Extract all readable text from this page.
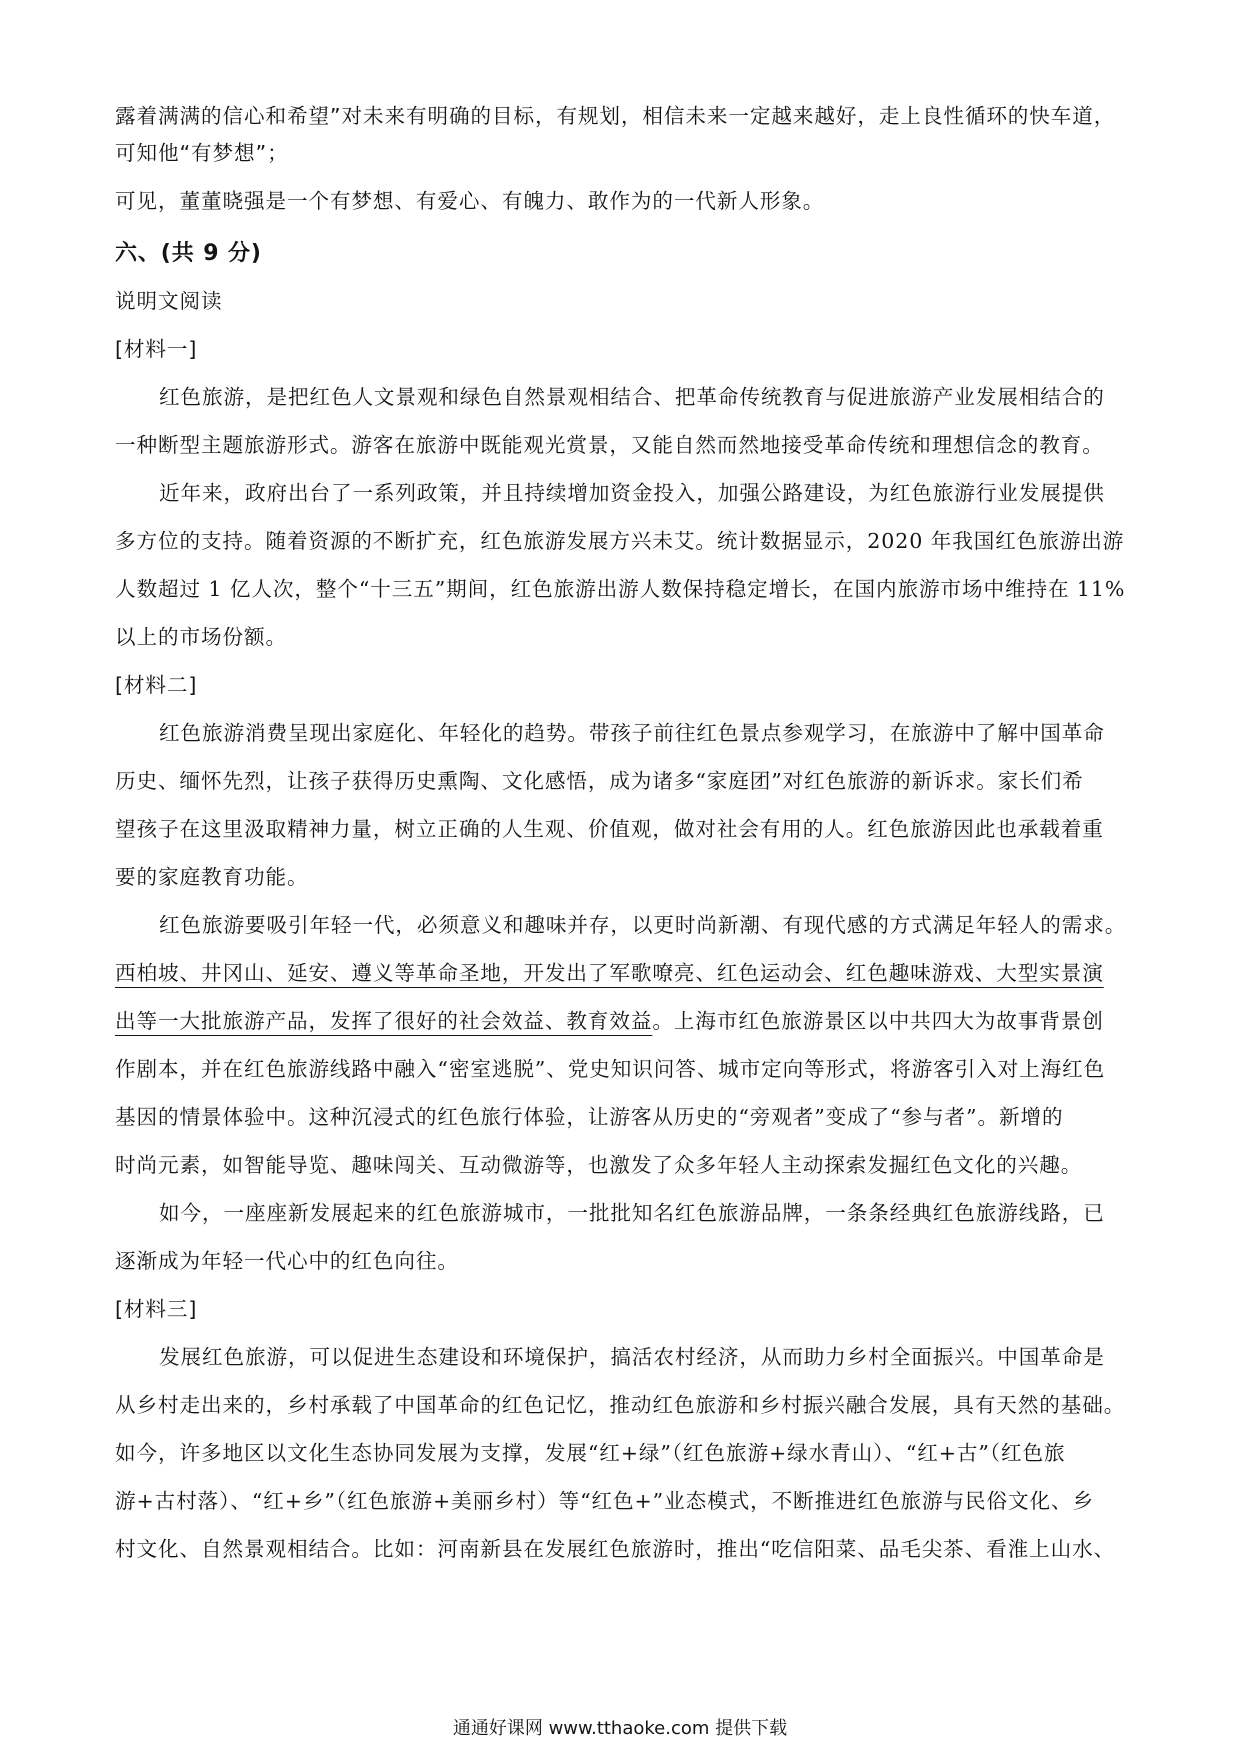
露着满满的信心和希望”对未来有明确的目标，有规划，相信未来一定越来越好，走上良性循环的快车道，

可知他“有梦想”；

可见，董董晓强是一个有梦想、有爱心、有魄力、敢作为的一代新人形象。

六、(共 9 分)

说明文阅读

[材料一]

红色旅游，是把红色人文景观和绿色自然景观相结合、把革命传统教育与促进旅游产业发展相结合的

一种断型主题旅游形式。游客在旅游中既能观光赏景，又能自然而然地接受革命传统和理想信念的教育。

近年来，政府出台了一系列政策，并且持续增加资金投入，加强公路建设，为红色旅游行业发展提供

多方位的支持。随着资源的不断扩充，红色旅游发展方兴未艾。统计数据显示，2020 年我国红色旅游出游

人数超过 1 亿人次，整个“十三五”期间，红色旅游出游人数保持稳定增长，在国内旅游市场中维持在 11%

以上的市场份额。

[材料二]

红色旅游消费呈现出家庭化、年轻化的趋势。带孩子前往红色景点参观学习，在旅游中了解中国革命

历史、缅怀先烈，让孩子获得历史熏陶、文化感悟，成为诸多“家庭团”对红色旅游的新诉求。家长们希

望孩子在这里汲取精神力量，树立正确的人生观、价值观，做对社会有用的人。红色旅游因此也承载着重

要的家庭教育功能。

红色旅游要吸引年轻一代，必须意义和趣味并存，以更时尚新潮、有现代感的方式满足年轻人的需求。

西柏坡、井冈山、延安、遵义等革命圣地，开发出了军歌嘹亮、红色运动会、红色趣味游戏、大型实景演

出等一大批旅游产品，发挥了很好的社会效益、教育效益。上海市红色旅游景区以中共四大为故事背景创

作剧本，并在红色旅游线路中融入“密室逃脱”、党史知识问答、城市定向等形式，将游客引入对上海红色

基因的情景体验中。这种沉浸式的红色旅行体验，让游客从历史的“旁观者”变成了“参与者”。新增的

时尚元素，如智能导览、趣味闯关、互动微游等，也激发了众多年轻人主动探索发掘红色文化的兴趣。

如今，一座座新发展起来的红色旅游城市，一批批知名红色旅游品牌，一条条经典红色旅游线路，已

逐渐成为年轻一代心中的红色向往。

[材料三]

发展红色旅游，可以促进生态建设和环境保护，搞活农村经济，从而助力乡村全面振兴。中国革命是

从乡村走出来的，乡村承载了中国革命的红色记忆，推动红色旅游和乡村振兴融合发展，具有天然的基础。

如今，许多地区以文化生态协同发展为支撑，发展“红+绿”（红色旅游+绿水青山）、“红+古”（红色旅

游+古村落）、“红+乡”（红色旅游+美丽乡村）等“红色+”业态模式，不断推进红色旅游与民俗文化、乡

村文化、自然景观相结合。比如：河南新县在发展红色旅游时，推出“吃信阳菜、品毛尖茶、看淮上山水、

通通好课网 www.tthaoke.com 提供下载
